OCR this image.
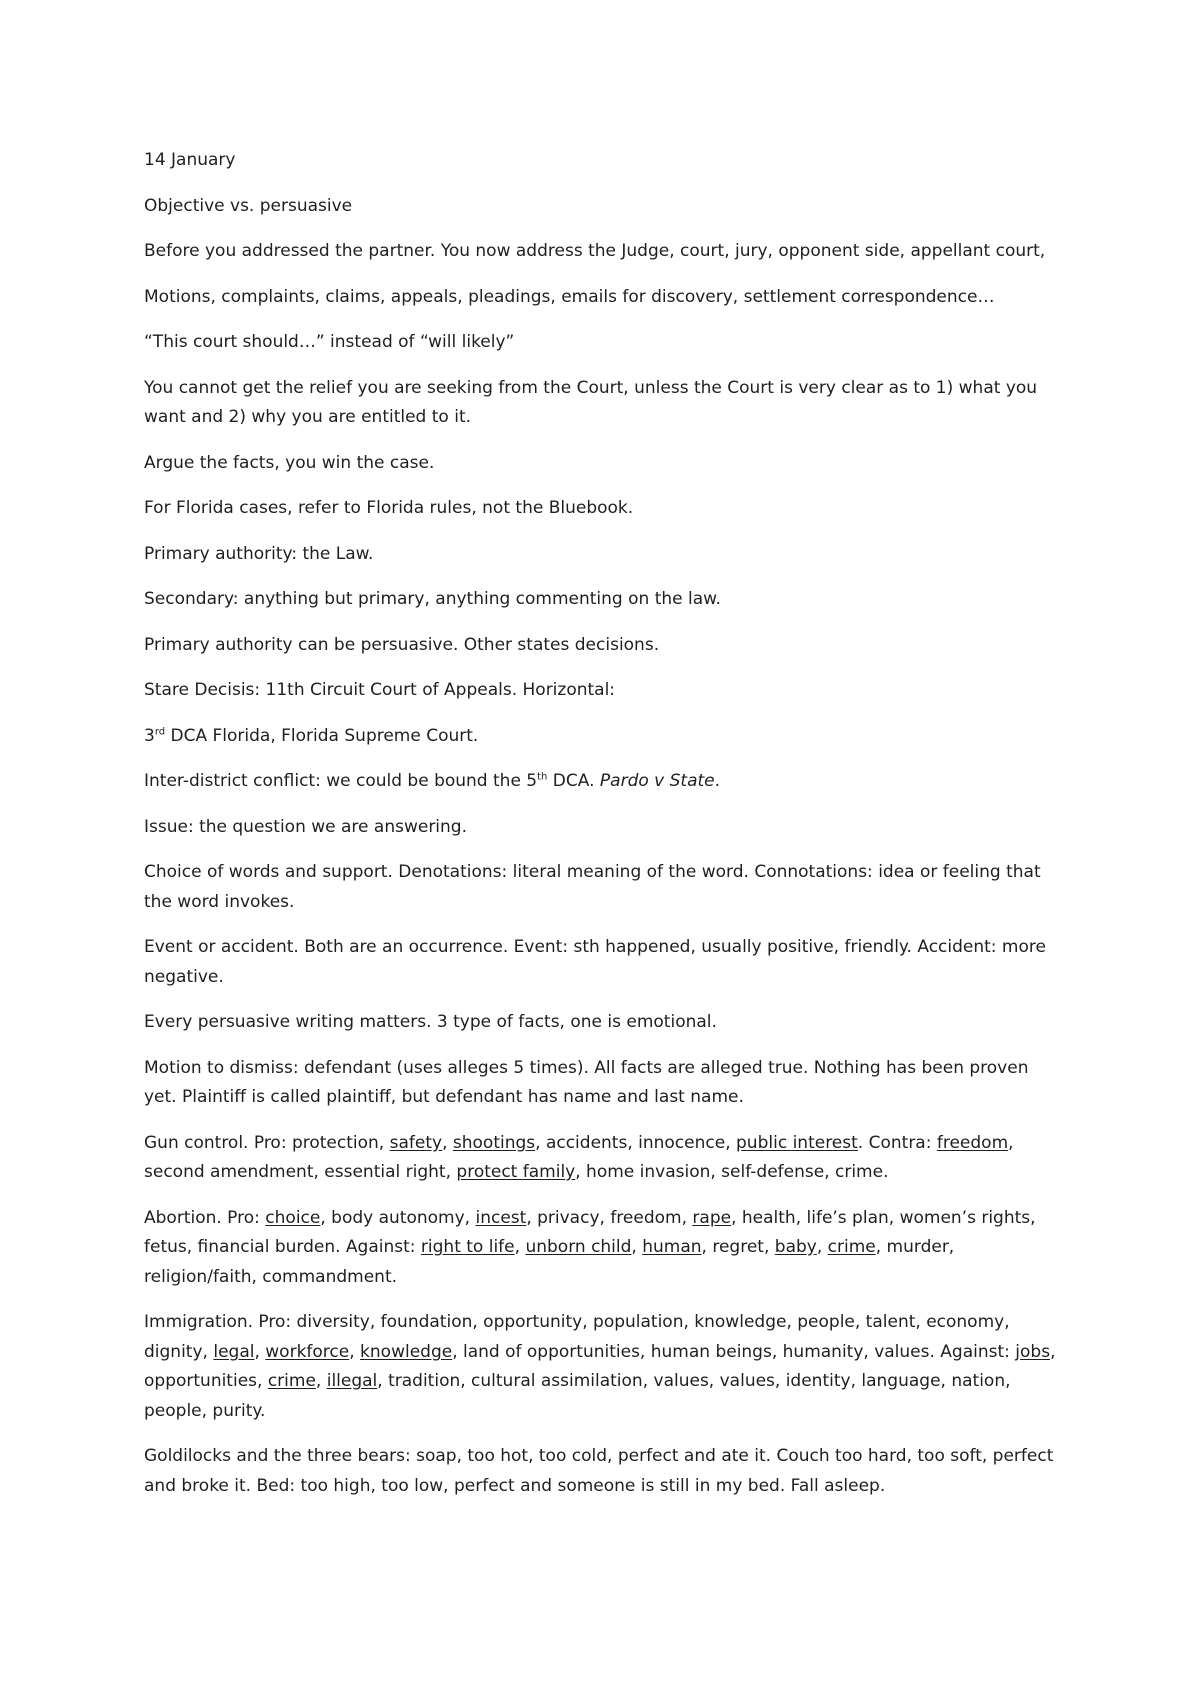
14 January

Objective vs. persuasive

Before you addressed the partner. You now address the Judge, court, jury, opponent side, appellant court,

Motions, complaints, claims, appeals, pleadings, emails for discovery, settlement correspondence…

“This court should…” instead of “will likely”

You cannot get the relief you are seeking from the Court, unless the Court is very clear as to 1) what you want and 2) why you are entitled to it.

Argue the facts, you win the case.

For Florida cases, refer to Florida rules, not the Bluebook.

Primary authority: the Law.

Secondary: anything but primary, anything commenting on the law.

Primary authority can be persuasive. Other states decisions.

Stare Decisis: 11th Circuit Court of Appeals. Horizontal:

3rd DCA Florida, Florida Supreme Court.

Inter-district conflict: we could be bound the 5th DCA. Pardo v State.

Issue: the question we are answering.

Choice of words and support. Denotations: literal meaning of the word. Connotations: idea or feeling that the word invokes.

Event or accident. Both are an occurrence. Event: sth happened, usually positive, friendly. Accident: more negative.

Every persuasive writing matters. 3 type of facts, one is emotional.

Motion to dismiss: defendant (uses alleges 5 times). All facts are alleged true. Nothing has been proven yet. Plaintiff is called plaintiff, but defendant has name and last name.

Gun control. Pro: protection, safety, shootings, accidents, innocence, public interest. Contra: freedom, second amendment, essential right, protect family, home invasion, self-defense, crime.

Abortion. Pro: choice, body autonomy, incest, privacy, freedom, rape, health, life’s plan, women’s rights, fetus, financial burden. Against: right to life, unborn child, human, regret, baby, crime, murder, religion/faith, commandment.

Immigration. Pro: diversity, foundation, opportunity, population, knowledge, people, talent, economy, dignity, legal, workforce, knowledge, land of opportunities, human beings, humanity, values. Against: jobs, opportunities, crime, illegal, tradition, cultural assimilation, values, values, identity, language, nation, people, purity.

Goldilocks and the three bears: soap, too hot, too cold, perfect and ate it. Couch too hard, too soft, perfect and broke it. Bed: too high, too low, perfect and someone is still in my bed. Fall asleep.
